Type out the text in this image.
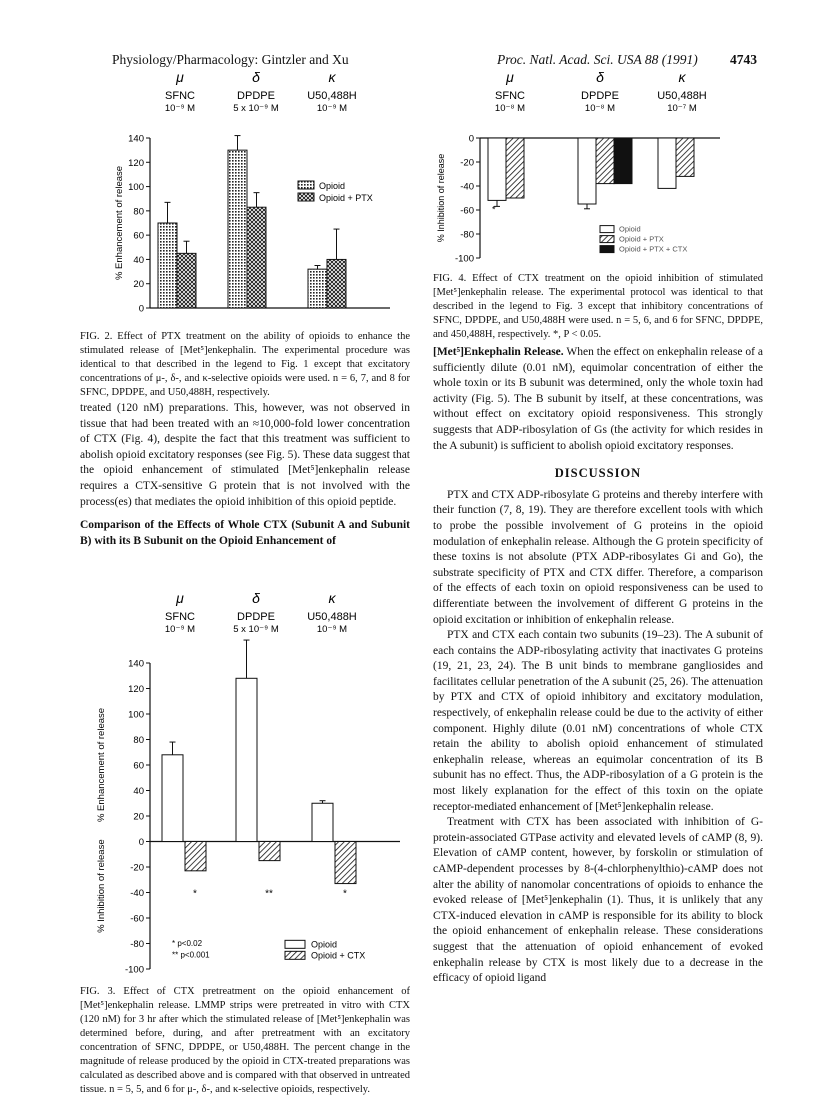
Physiology/Pharmacology: Gintzler and Xu	Proc. Natl. Acad. Sci. USA 88 (1991) 4743
μ
SFNC
10⁻⁹ M
δ
DPDPE
5 x 10⁻⁹ M
κ
U50,488H
10⁻⁹ M
0
20
40
60
80
100
120
140
% Enhancement of release	Opioid
Opioid + PTX
FIG. 2. Effect of PTX treatment on the ability of opioids to enhance the stimulated release of [Met⁵]enkephalin. The experimental procedure was identical to that described in the legend to Fig. 1 except that excitatory concentrations of μ-, δ-, and κ-selective opioids were used. n = 6, 7, and 8 for SFNC, DPDPE, and U50,488H, respectively.

treated (120 nM) preparations. This, however, was not observed in tissue that had been treated with an ≈10,000-fold lower concentration of CTX (Fig. 4), despite the fact that this treatment was sufficient to abolish opioid excitatory responses (see Fig. 5). These data suggest that the opioid enhancement of stimulated [Met⁵]enkephalin release requires a CTX-sensitive G protein that is not involved with the process(es) that mediates the opioid inhibition of this opioid peptide.

Comparison of the Effects of Whole CTX (Subunit A and Subunit B) with its B Subunit on the Opioid Enhancement of

μ
SFNC
10⁻⁹ M
δ
DPDPE
5 x 10⁻⁹ M
κ
U50,488H
10⁻⁹ M
140
120
100
80
60
40
20
0
-20
-40
-60
-80
-100
% Enhancement of release
% Inhibition of release	*	**	*
* p<0.02
** p<0.001
Opioid
Opioid + CTX
FIG. 3. Effect of CTX pretreatment on the opioid enhancement of [Met⁵]enkephalin release. LMMP strips were pretreated in vitro with CTX (120 nM) for 3 hr after which the stimulated release of [Met⁵]enkephalin was determined before, during, and after pretreatment with an excitatory concentration of SFNC, DPDPE, or U50,488H. The percent change in the magnitude of release produced by the opioid in CTX-treated preparations was calculated as described above and is compared with that observed in untreated tissue. n = 5, 5, and 6 for μ-, δ-, and κ-selective opioids, respectively.
μ
SFNC
10⁻⁸ M
δ
DPDPE
10⁻⁸ M
κ
U50,488H
10⁻⁷ M
0
-20
-40
-60
-80
-100
% Inhibition of release	*
Opioid
Opioid + PTX
Opioid + PTX + CTX
FIG. 4. Effect of CTX treatment on the opioid inhibition of stimulated [Met⁵]enkephalin release. The experimental protocol was identical to that described in the legend to Fig. 3 except that inhibitory concentrations of SFNC, DPDPE, and U50,488H were used. n = 5, 6, and 6 for SFNC, DPDPE, and 450,488H, respectively. *, P < 0.05.

[Met⁵]Enkephalin Release. When the effect on enkephalin release of a sufficiently dilute (0.01 nM), equimolar concentration of either the whole toxin or its B subunit was determined, only the whole toxin had activity (Fig. 5). The B subunit by itself, at these concentrations, was without effect on excitatory opioid responsiveness. This strongly suggests that ADP-ribosylation of Gs (the activity for which resides in the A subunit) is sufficient to abolish opioid excitatory responses.

DISCUSSION

PTX and CTX ADP-ribosylate G proteins and thereby interfere with their function (7, 8, 19). They are therefore excellent tools with which to probe the possible involvement of G proteins in the opioid modulation of enkephalin release. Although the G protein specificity of these toxins is not absolute (PTX ADP-ribosylates Gi and Go), the substrate specificity of PTX and CTX differ. Therefore, a comparison of the effects of each toxin on opioid responsiveness can be used to differentiate between the involvement of different G proteins in the opioid excitation or inhibition of enkephalin release.

PTX and CTX each contain two subunits (19–23). The A subunit of each contains the ADP-ribosylating activity that inactivates G proteins (19, 21, 23, 24). The B unit binds to membrane gangliosides and facilitates cellular penetration of the A subunit (25, 26). The attenuation by PTX and CTX of opioid inhibitory and excitatory modulation, respectively, of enkephalin release could be due to the activity of either component. Highly dilute (0.01 nM) concentrations of whole CTX retain the ability to abolish opioid enhancement of stimulated enkephalin release, whereas an equimolar concentration of its B subunit has no effect. Thus, the ADP-ribosylation of a G protein is the most likely explanation for the effect of this toxin on the opiate receptor-mediated enhancement of [Met⁵]enkephalin release.

Treatment with CTX has been associated with inhibition of G-protein-associated GTPase activity and elevated levels of cAMP (8, 9). Elevation of cAMP content, however, by forskolin or stimulation of cAMP-dependent processes by 8-(4-chlorphenylthio)-cAMP does not alter the ability of nanomolar concentrations of opioids to enhance the evoked release of [Met⁵]enkephalin (1). Thus, it is unlikely that any CTX-induced elevation in cAMP is responsible for its ability to block the opioid enhancement of enkephalin release. These considerations suggest that the attenuation of opioid enhancement of evoked enkephalin release by CTX is most likely due to a decrease in the efficacy of opioid ligand
